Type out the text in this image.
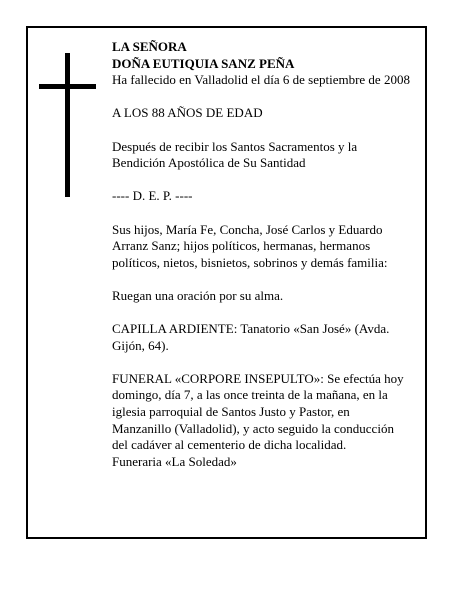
LA SEÑORA

DOÑA EUTIQUIA SANZ PEÑA

Ha fallecido en Valladolid el día 6 de septiembre de 2008

A LOS 88 AÑOS DE EDAD

Después de recibir los Santos Sacramentos y la Bendición Apostólica de Su Santidad

---- D. E. P. ----

Sus hijos, María Fe, Concha, José Carlos y Eduardo Arranz Sanz; hijos políticos, hermanas, hermanos políticos, nietos, bisnietos, sobrinos y demás familia:

Ruegan una oración por su alma.

CAPILLA ARDIENTE: Tanatorio «San José» (Avda. Gijón, 64).

FUNERAL «CORPORE INSEPULTO»: Se efectúa hoy domingo, día 7, a las once treinta de la mañana, en la iglesia parroquial de Santos Justo y Pastor, en Manzanillo (Valladolid), y acto seguido la conducción del cadáver al cementerio de dicha localidad.

Funeraria «La Soledad»
